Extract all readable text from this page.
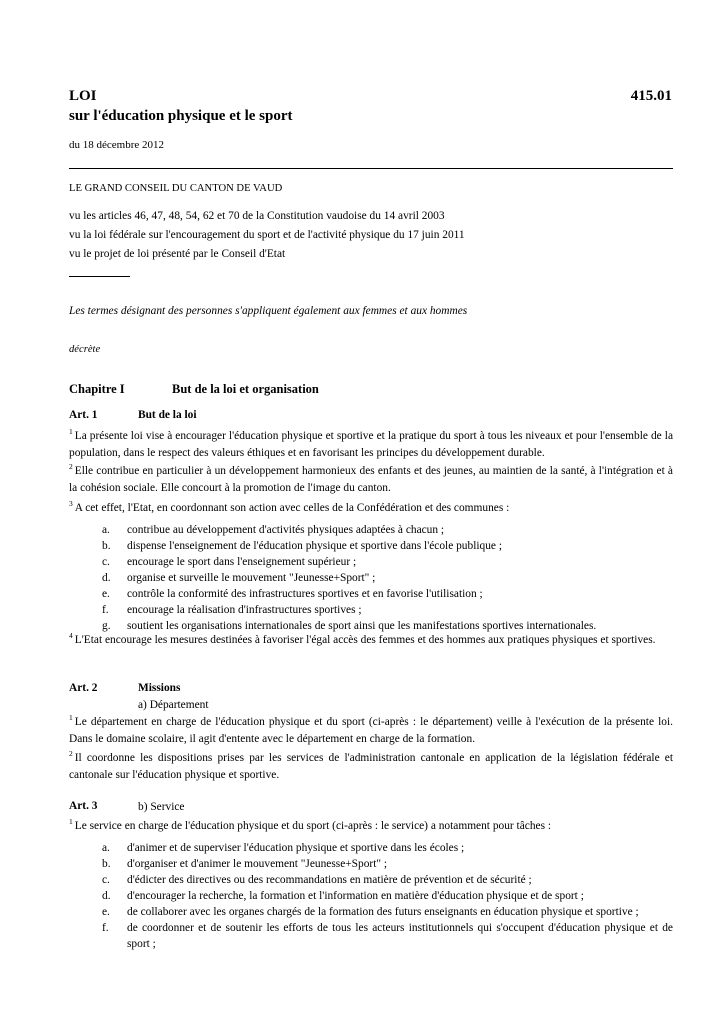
LOI	415.01
sur l'éducation physique et le sport
du 18 décembre 2012
LE GRAND CONSEIL DU CANTON DE VAUD
vu les articles 46, 47, 48, 54, 62 et 70 de la Constitution vaudoise du 14 avril 2003
vu la loi fédérale sur l'encouragement du sport et de l'activité physique du 17 juin 2011
vu le projet de loi présenté par le Conseil d'Etat
Les termes désignant des personnes s'appliquent également aux femmes et aux hommes
décrète
Chapitre I	But de la loi et organisation
Art. 1	But de la loi
$^1$ La présente loi vise à encourager l'éducation physique et sportive et la pratique du sport à tous les niveaux et pour l'ensemble de la population, dans le respect des valeurs éthiques et en favorisant les principes du développement durable.
$^2$ Elle contribue en particulier à un développement harmonieux des enfants et des jeunes, au maintien de la santé, à l'intégration et à la cohésion sociale. Elle concourt à la promotion de l'image du canton.
$^3$ A cet effet, l'Etat, en coordonnant son action avec celles de la Confédération et des communes :
a.	contribue au développement d'activités physiques adaptées à chacun ;
b.	dispense l'enseignement de l'éducation physique et sportive dans l'école publique ;
c.	encourage le sport dans l'enseignement supérieur ;
d.	organise et surveille le mouvement "Jeunesse+Sport" ;
e.	contrôle la conformité des infrastructures sportives et en favorise l'utilisation ;
f.	encourage la réalisation d'infrastructures sportives ;
g.	soutient les organisations internationales de sport ainsi que les manifestations sportives internationales.
$^4$ L'Etat encourage les mesures destinées à favoriser l'égal accès des femmes et des hommes aux pratiques physiques et sportives.
Art. 2	Missions
a) Département
$^1$ Le département en charge de l'éducation physique et du sport (ci-après : le département) veille à l'exécution de la présente loi. Dans le domaine scolaire, il agit d'entente avec le département en charge de la formation.
$^2$ Il coordonne les dispositions prises par les services de l'administration cantonale en application de la législation fédérale et cantonale sur l'éducation physique et sportive.
Art. 3	b) Service
$^1$ Le service en charge de l'éducation physique et du sport (ci-après : le service) a notamment pour tâches :
a.	d'animer et de superviser l'éducation physique et sportive dans les écoles ;
b.	d'organiser et d'animer le mouvement "Jeunesse+Sport" ;
c.	d'édicter des directives ou des recommandations en matière de prévention et de sécurité ;
d.	d'encourager la recherche, la formation et l'information en matière d'éducation physique et de sport ;
e.	de collaborer avec les organes chargés de la formation des futurs enseignants en éducation physique et sportive ;
f.	de coordonner et de soutenir les efforts de tous les acteurs institutionnels qui s'occupent d'éducation physique et de sport ;
